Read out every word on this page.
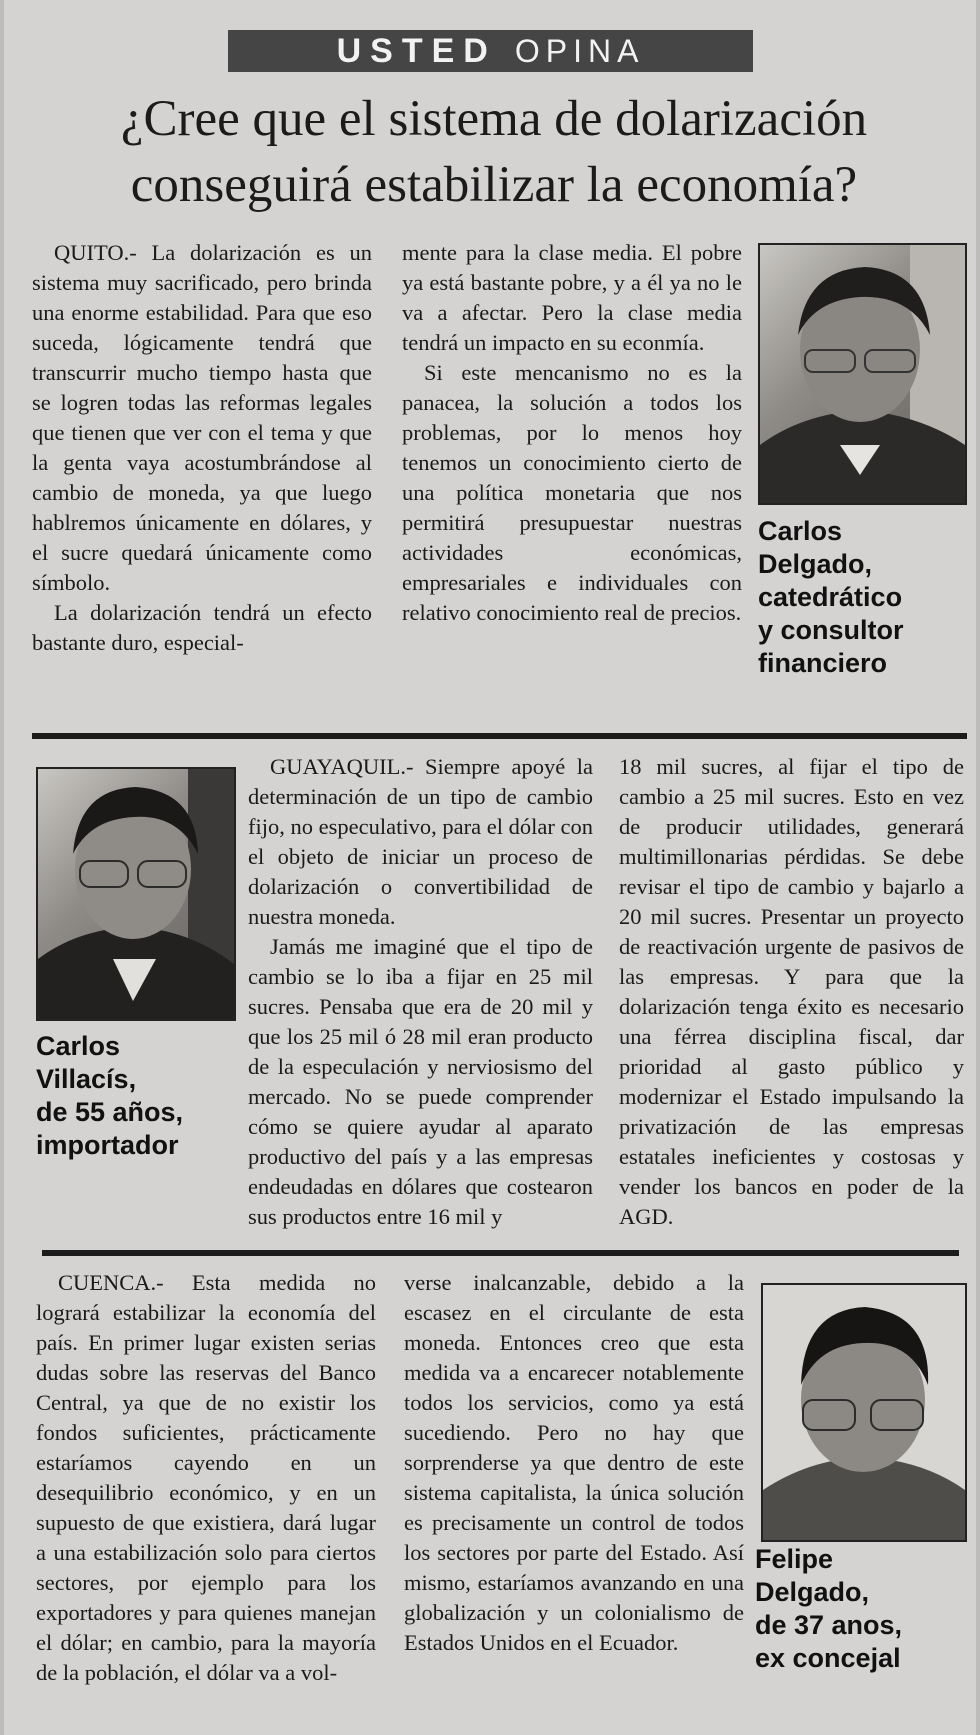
USTED OPINA
¿Cree que el sistema de dolarización
conseguirá estabilizar la economía?

QUITO.- La dolarización es un sistema muy sacrificado, pero brinda una enorme estabilidad. Para que eso suceda, lógicamente tendrá que transcurrir mucho tiempo hasta que se logren todas las reformas legales que tienen que ver con el tema y que la genta vaya acostumbrándose al cambio de moneda, ya que luego hablremos únicamente en dólares, y el sucre quedará únicamente como símbolo.

La dolarización tendrá un efecto bastante duro, especial-

mente para la clase media. El pobre ya está bastante pobre, y a él ya no le va a afectar. Pero la clase media tendrá un impacto en su econmía.

Si este mencanismo no es la panacea, la solución a todos los problemas, por lo menos hoy tenemos un conocimiento cierto de una política monetaria que nos permitirá presupuestar nuestras actividades económicas, empresariales e individuales con relativo conocimiento real de precios.

Carlos
Delgado,
catedrático
y consultor
financiero
Carlos
Villacís,
de 55 años,
importador

GUAYAQUIL.- Siempre apoyé la determinación de un tipo de cambio fijo, no especulativo, para el dólar con el objeto de iniciar un proceso de dolarización o convertibilidad de nuestra moneda.

Jamás me imaginé que el tipo de cambio se lo iba a fijar en 25 mil sucres. Pensaba que era de 20 mil y que los 25 mil ó 28 mil eran producto de la especulación y nerviosismo del mercado. No se puede comprender cómo se quiere ayudar al aparato productivo del país y a las empresas endeudadas en dólares que costearon sus productos entre 16 mil y

18 mil sucres, al fijar el tipo de cambio a 25 mil sucres. Esto en vez de producir utilidades, generará multimillonarias pérdidas. Se debe revisar el tipo de cambio y bajarlo a 20 mil sucres. Presentar un proyecto de reactivación urgente de pasivos de las empresas. Y para que la dolarización tenga éxito es necesario una férrea disciplina fiscal, dar prioridad al gasto público y modernizar el Estado impulsando la privatización de las empresas estatales ineficientes y costosas y vender los bancos en poder de la AGD.

CUENCA.- Esta medida no logrará estabilizar la economía del país. En primer lugar existen serias dudas sobre las reservas del Banco Central, ya que de no existir los fondos suficientes, prácticamente estaríamos cayendo en un desequilibrio económico, y en un supuesto de que existiera, dará lugar a una estabilización solo para ciertos sectores, por ejemplo para los exportadores y para quienes manejan el dólar; en cambio, para la mayoría de la población, el dólar va a vol-

verse inalcanzable, debido a la escasez en el circulante de esta moneda. Entonces creo que esta medida va a encarecer notablemente todos los servicios, como ya está sucediendo. Pero no hay que sorprenderse ya que dentro de este sistema capitalista, la única solución es precisamente un control de todos los sectores por parte del Estado. Así mismo, estaríamos avanzando en una globalización y un colonialismo de Estados Unidos en el Ecuador.

Felipe
Delgado,
de 37 anos,
ex concejal
